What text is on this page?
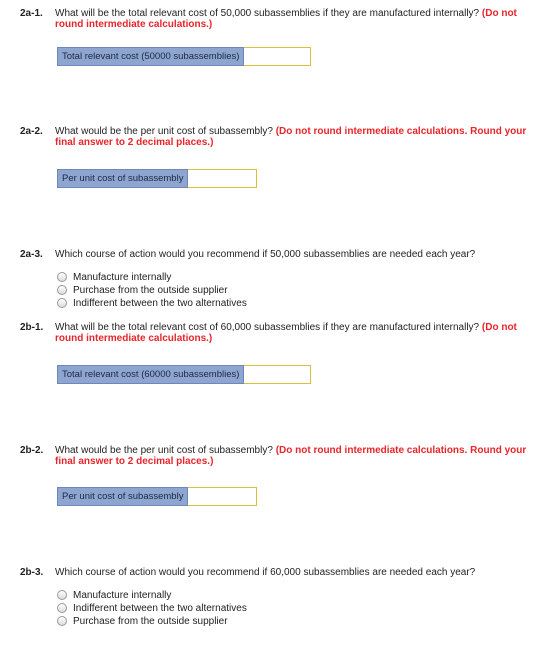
2a-1. What will be the total relevant cost of 50,000 subassemblies if they are manufactured internally? (Do not round intermediate calculations.)
Total relevant cost (50000 subassemblies)
2a-2. What would be the per unit cost of subassembly? (Do not round intermediate calculations. Round your final answer to 2 decimal places.)
Per unit cost of subassembly
2a-3. Which course of action would you recommend if 50,000 subassemblies are needed each year?
Manufacture internally
Purchase from the outside supplier
Indifferent between the two alternatives
2b-1. What will be the total relevant cost of 60,000 subassemblies if they are manufactured internally? (Do not round intermediate calculations.)
Total relevant cost (60000 subassemblies)
2b-2. What would be the per unit cost of subassembly? (Do not round intermediate calculations. Round your final answer to 2 decimal places.)
Per unit cost of subassembly
2b-3. Which course of action would you recommend if 60,000 subassemblies are needed each year?
Manufacture internally
Indifferent between the two alternatives
Purchase from the outside supplier
